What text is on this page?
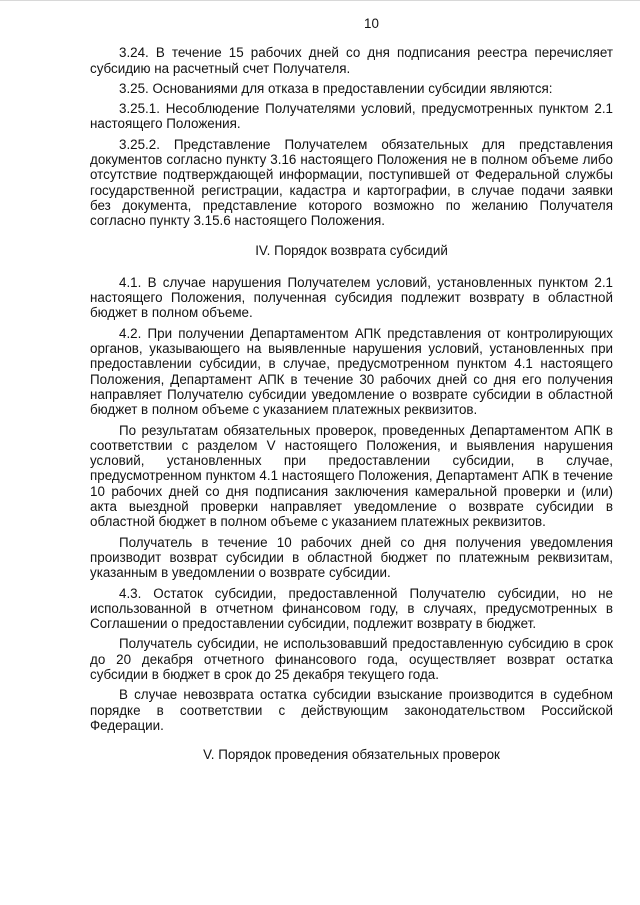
10

3.24. В течение 15 рабочих дней со дня подписания реестра перечисляет субсидию на расчетный счет Получателя.

3.25. Основаниями для отказа в предоставлении субсидии являются:

3.25.1. Несоблюдение Получателями условий, предусмотренных пунктом 2.1 настоящего Положения.

3.25.2. Представление Получателем обязательных для представления документов согласно пункту 3.16 настоящего Положения не в полном объеме либо отсутствие подтверждающей информации, поступившей от Федеральной службы государственной регистрации, кадастра и картографии, в случае подачи заявки без документа, представление которого возможно по желанию Получателя согласно пункту 3.15.6 настоящего Положения.

IV. Порядок возврата субсидий

4.1. В случае нарушения Получателем условий, установленных пунктом 2.1 настоящего Положения, полученная субсидия подлежит возврату в областной бюджет в полном объеме.

4.2. При получении Департаментом АПК представления от контролирующих органов, указывающего на выявленные нарушения условий, установленных при предоставлении субсидии, в случае, предусмотренном пунктом 4.1 настоящего Положения, Департамент АПК в течение 30 рабочих дней со дня его получения направляет Получателю субсидии уведомление о возврате субсидии в областной бюджет в полном объеме с указанием платежных реквизитов.

По результатам обязательных проверок, проведенных Департаментом АПК в соответствии с разделом V настоящего Положения, и выявления нарушения условий, установленных при предоставлении субсидии, в случае, предусмотренном пунктом 4.1 настоящего Положения, Департамент АПК в течение 10 рабочих дней со дня подписания заключения камеральной проверки и (или) акта выездной проверки направляет уведомление о возврате субсидии в областной бюджет в полном объеме с указанием платежных реквизитов.

Получатель в течение 10 рабочих дней со дня получения уведомления производит возврат субсидии в областной бюджет по платежным реквизитам, указанным в уведомлении о возврате субсидии.

4.3. Остаток субсидии, предоставленной Получателю субсидии, но не использованной в отчетном финансовом году, в случаях, предусмотренных в Соглашении о предоставлении субсидии, подлежит возврату в бюджет.

Получатель субсидии, не использовавший предоставленную субсидию в срок до 20 декабря отчетного финансового года, осуществляет возврат остатка субсидии в бюджет в срок до 25 декабря текущего года.

В случае невозврата остатка субсидии взыскание производится в судебном порядке в соответствии с действующим законодательством Российской Федерации.

V. Порядок проведения обязательных проверок
